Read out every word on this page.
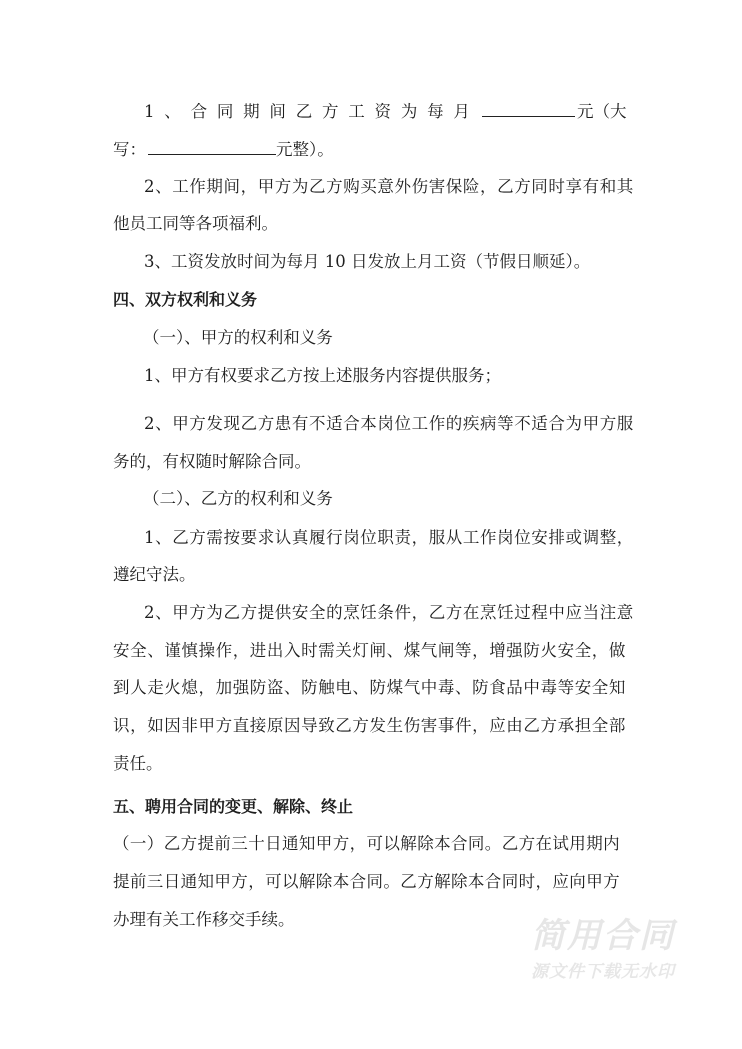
1 、 合 同 期 间 乙 方 工 资 为 每 月	元 （ 大
写：	元整）。
2、工作期间，甲方为乙方购买意外伤害保险，乙方同时享有和其
他员工同等各项福利。
3、工资发放时间为每月 10 日发放上月工资（节假日顺延）。
四、双方权利和义务
（一）、甲方的权利和义务
1、甲方有权要求乙方按上述服务内容提供服务；
2、甲方发现乙方患有不适合本岗位工作的疾病等不适合为甲方服
务的，有权随时解除合同。
（二）、乙方的权利和义务
1、乙方需按要求认真履行岗位职责，服从工作岗位安排或调整，
遵纪守法。
2、甲方为乙方提供安全的烹饪条件，乙方在烹饪过程中应当注意
安全、谨慎操作，进出入时需关灯闸、煤气闸等，增强防火安全，做
到人走火熄，加强防盗、防触电、防煤气中毒、防食品中毒等安全知
识，如因非甲方直接原因导致乙方发生伤害事件，应由乙方承担全部
责任。
五、聘用合同的变更、解除、终止
（一）乙方提前三十日通知甲方，可以解除本合同。乙方在试用期内
提前三日通知甲方，可以解除本合同。乙方解除本合同时，应向甲方
办理有关工作移交手续。	简用合同
源文件下载无水印
